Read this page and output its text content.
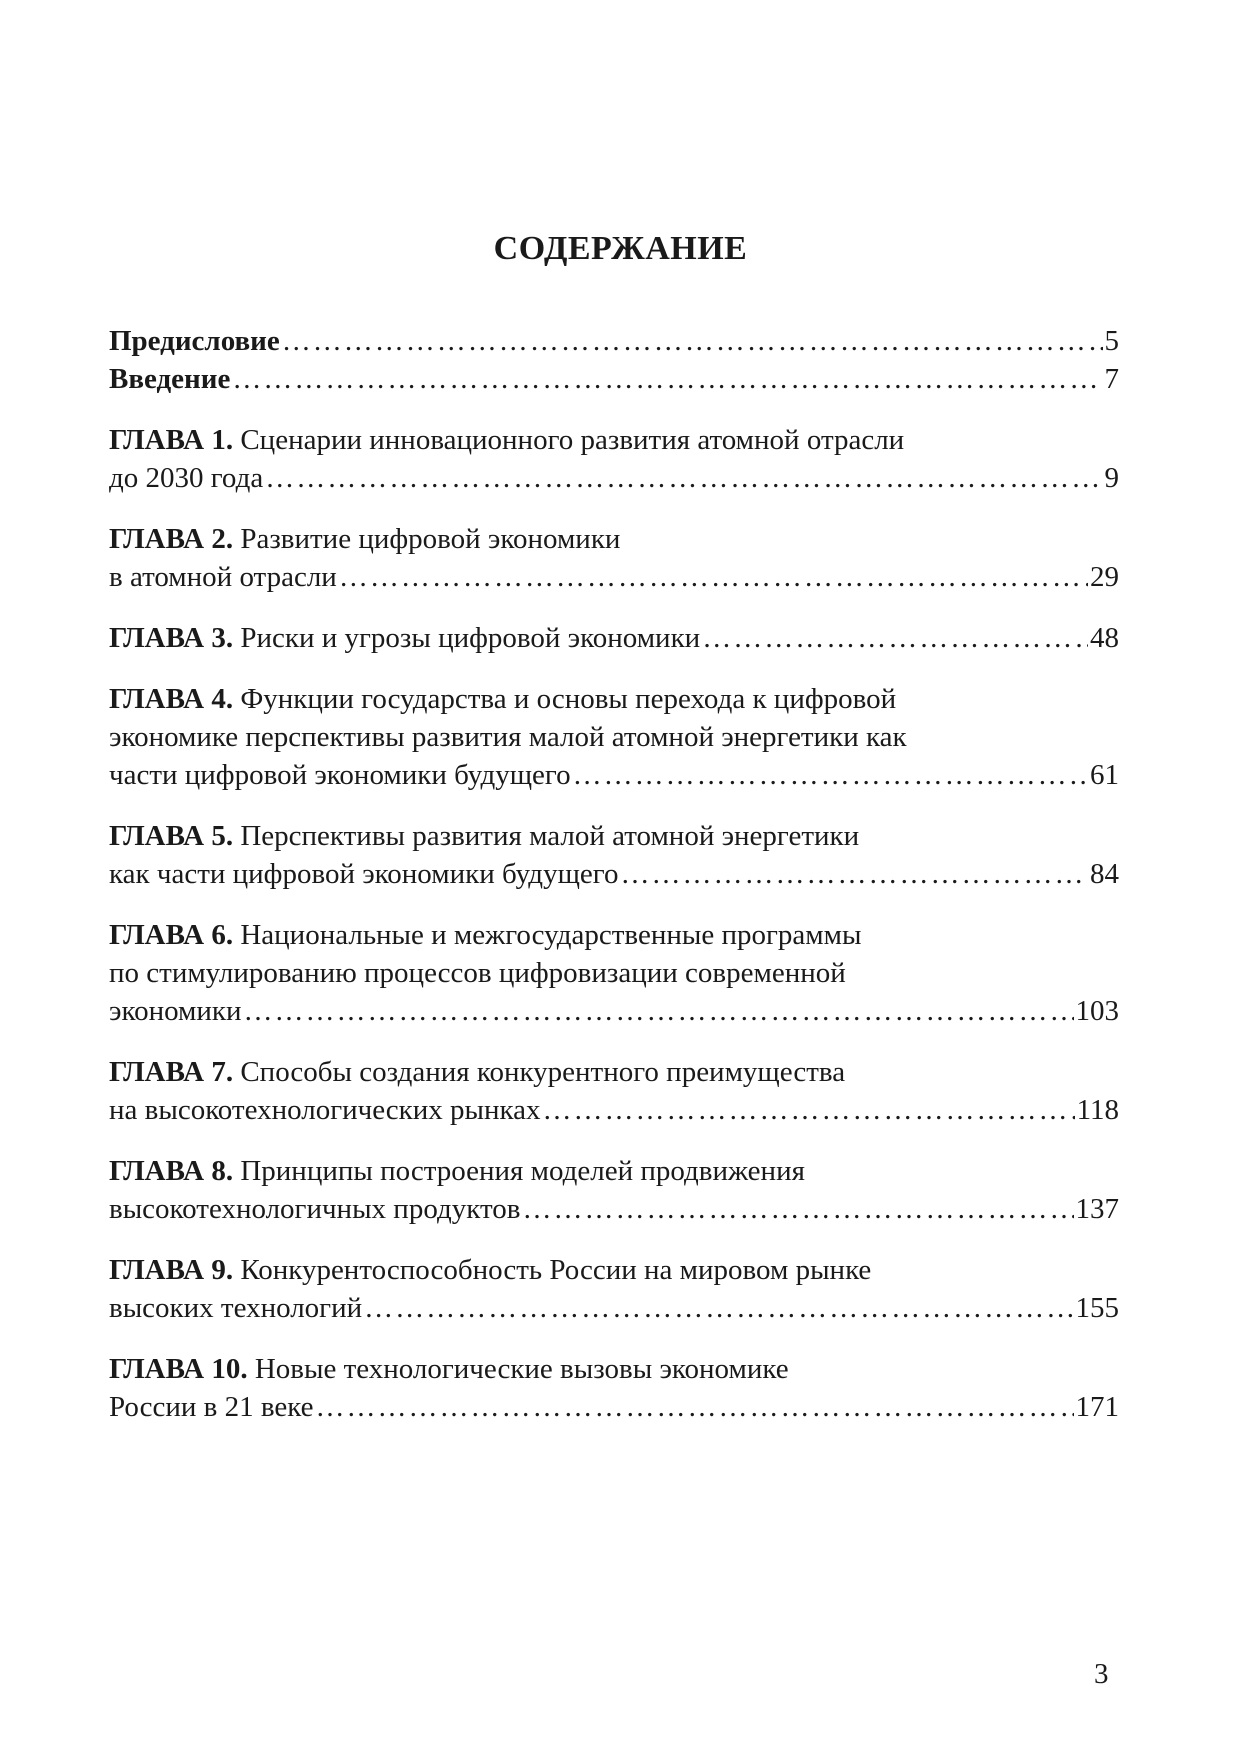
СОДЕРЖАНИЕ
Предисловие ……………………………………………………………………………………………………………………………………………………………………………………………	5
Введение ……………………………………………………………………………………………………………………………………………………………………………………………	7
ГЛАВА 1. Сценарии инновационного развития атомной отрасли
до 2030 года ……………………………………………………………………………………………………………………………………………………………………………………………	9
ГЛАВА 2. Развитие цифровой экономики
в атомной отрасли ……………………………………………………………………………………………………………………………………………………………………………………………	29
ГЛАВА 3. Риски и угрозы цифровой экономики ……………………………………………………………………………………………………………………………………………………………………………………………	48
ГЛАВА 4. Функции государства и основы перехода к цифровой
экономике перспективы развития малой атомной энергетики как
части цифровой экономики будущего ……………………………………………………………………………………………………………………………………………………………………………………………	61
ГЛАВА 5. Перспективы развития малой атомной энергетики
как части цифровой экономики будущего ……………………………………………………………………………………………………………………………………………………………………………………………	84
ГЛАВА 6. Национальные и межгосударственные программы
по стимулированию процессов цифровизации современной
экономики ……………………………………………………………………………………………………………………………………………………………………………………………	103
ГЛАВА 7. Способы создания конкурентного преимущества
на высокотехнологических рынках ……………………………………………………………………………………………………………………………………………………………………………………………	118
ГЛАВА 8. Принципы построения моделей продвижения
высокотехнологичных продуктов ……………………………………………………………………………………………………………………………………………………………………………………………	137
ГЛАВА 9. Конкурентоспособность России на мировом рынке
высоких технологий ……………………………………………………………………………………………………………………………………………………………………………………………	155
ГЛАВА 10. Новые технологические вызовы экономике
России в 21 веке ……………………………………………………………………………………………………………………………………………………………………………………………	171
3
